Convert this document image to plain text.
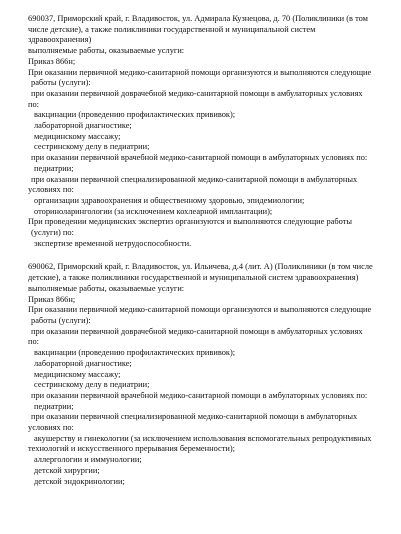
690037, Приморский край, г. Владивосток, ул. Адмирала Кузнецова, д. 70 (Поликлиники (в том
числе детские), а также поликлиники государственной и муниципальной систем
здравоохранения)
выполняемые работы, оказываемые услуги:
Приказ 866н;
При оказании первичной медико-санитарной помощи организуются и выполняются следующие
работы (услуги):
при оказании первичной доврачебной медико-санитарной помощи в амбулаторных условиях
по:
вакцинации (проведению профилактических прививок);
лабораторной диагностике;
медицинскому массажу;
сестринскому делу в педиатрии;
при оказании первичной врачебной медико-санитарной помощи в амбулаторных условиях по:
педиатрии;
при оказании первичной специализированной медико-санитарной помощи в амбулаторных
условиях по:
организации здравоохранения и общественному здоровью, эпидемиологии;
оториноларингологии (за исключением кохлеарной имплантации);
При проведении медицинских экспертиз организуются и выполняются следующие работы
(услуги) по:
экспертизе временной нетрудоспособности.
690062, Приморский край, г. Владивосток, ул. Ильичева, д.4 (лит. А) (Поликлиники (в том числе
детские), а также поликлиники государственной и муниципальной систем здравоохранения)
выполняемые работы, оказываемые услуги:
Приказ 866н;
При оказании первичной медико-санитарной помощи организуются и выполняются следующие
работы (услуги):
при оказании первичной доврачебной медико-санитарной помощи в амбулаторных условиях
по:
вакцинации (проведению профилактических прививок);
лабораторной диагностике;
медицинскому массажу;
сестринскому делу в педиатрии;
при оказании первичной врачебной медико-санитарной помощи в амбулаторных условиях по:
педиатрии;
при оказании первичной специализированной медико-санитарной помощи в амбулаторных
условиях по:
акушерству и гинекологии (за исключением использования вспомогательных репродуктивных
технологий и искусственного прерывания беременности);
аллергологии и иммунологии;
детской хирургии;
детской эндокринологии;
